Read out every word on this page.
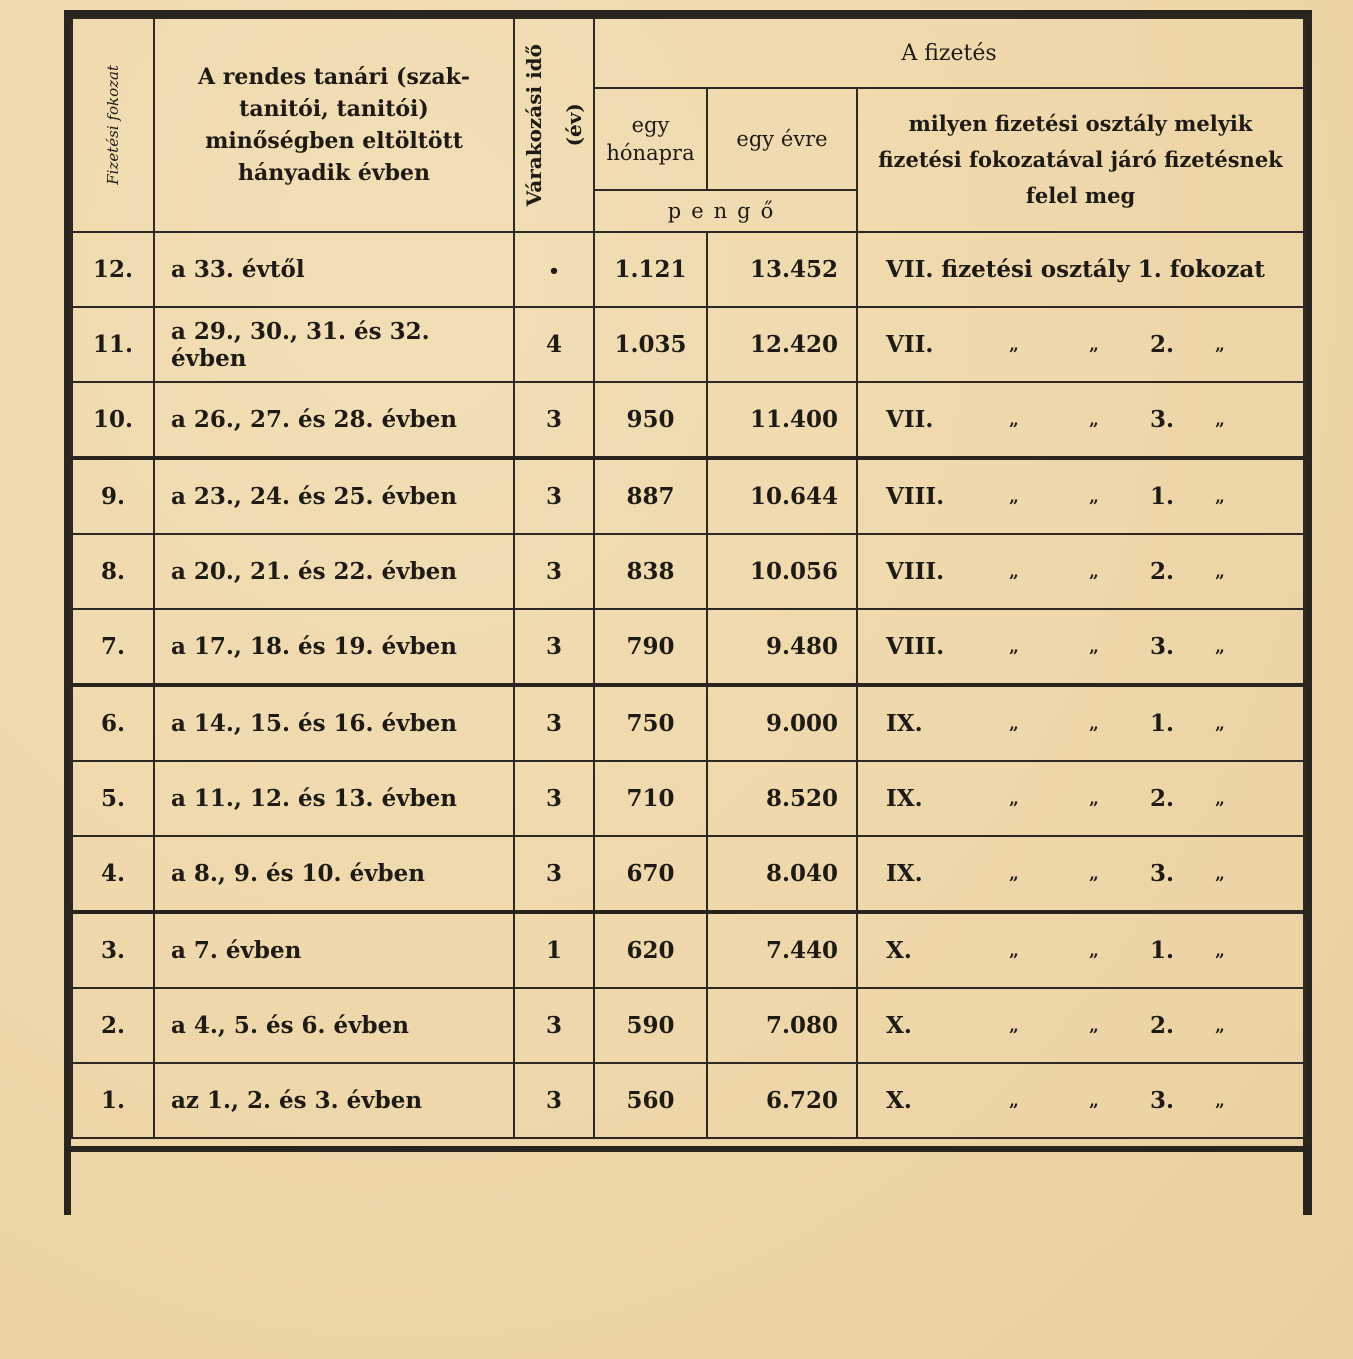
Fizetési fokozat	A rendes tanári (szaktanitói, tanitói) minőségben eltöltött hányadik évben	Várakozási idő (év)	A fizetés		

			egy hónapra	egy évre	milyen fizetési osztály melyik fizetési fokozatával járó fizetésnek felel meg

			pengő		
12.	a 33. évtől	•	1.121	13.452	VII. fizetési osztály 1. fokozat
11.	a 29., 30., 31. és 32. évben	4	1.035	12.420	VII. „ „ 2. „

10.	a 26., 27. és 28. évben	3	950	11.400	VII. „ „ 3. „

9.	a 23., 24. és 25. évben	3	887	10.644	VIII. „ „ 1. „

8.	a 20., 21. és 22. évben	3	838	10.056	VIII. „ „ 2. „

7.	a 17., 18. és 19. évben	3	790	9.480	VIII. „ „ 3. „

6.	a 14., 15. és 16. évben	3	750	9.000	IX. „ „ 1. „

5.	a 11., 12. és 13. évben	3	710	8.520	IX. „ „ 2. „

4.	a 8., 9. és 10. évben	3	670	8.040	IX. „ „ 3. „

3.	a 7. évben	1	620	7.440	X. „ „ 1. „

2.	a 4., 5. és 6. évben	3	590	7.080	X. „ „ 2. „

1.	az 1., 2. és 3. évben	3	560	6.720	X. „ „ 3. „
